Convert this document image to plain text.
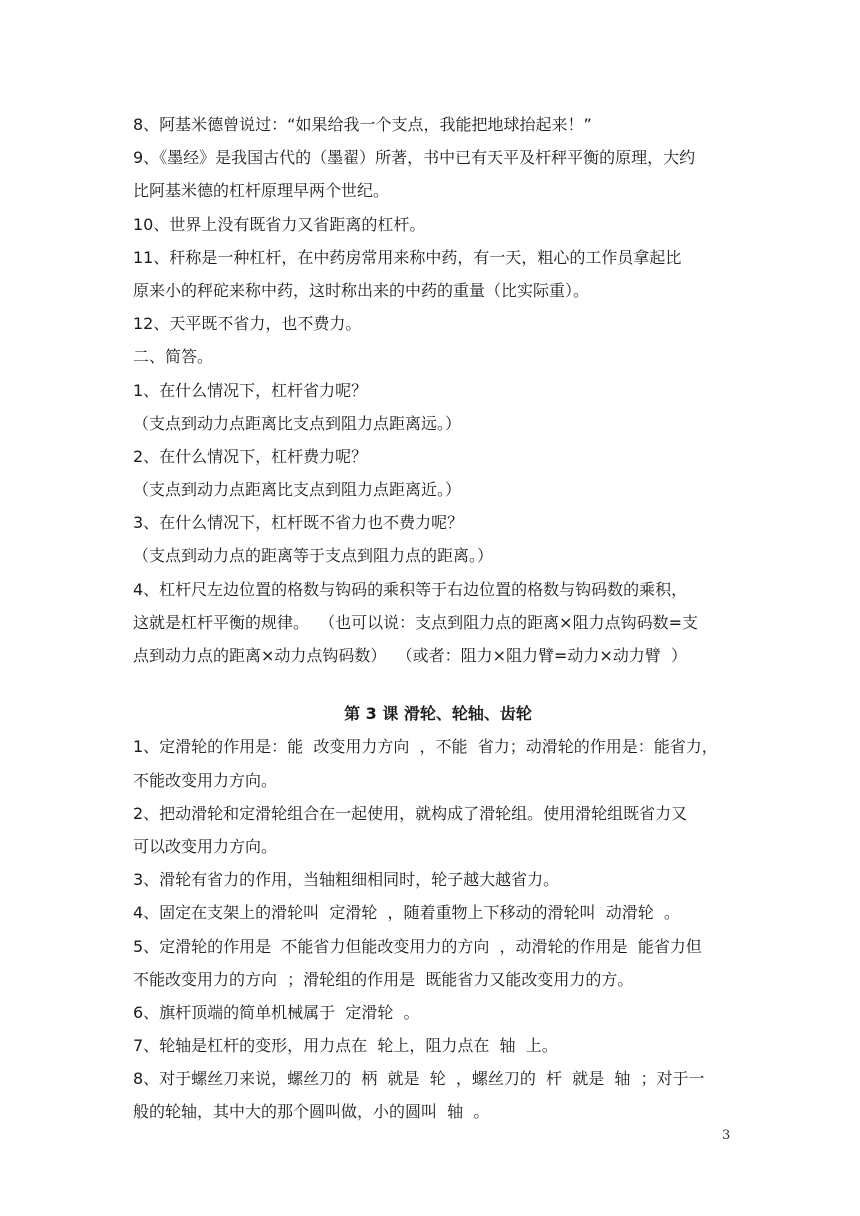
8、阿基米德曾说过：“如果给我一个支点，我能把地球抬起来！”
9、《墨经》是我国古代的（墨翟）所著，书中已有天平及杆秤平衡的原理，大约
比阿基米德的杠杆原理早两个世纪。
10、世界上没有既省力又省距离的杠杆。
11、秆称是一种杠杆，在中药房常用来称中药，有一天，粗心的工作员拿起比
原来小的秤砣来称中药，这时称出来的中药的重量（比实际重）。
12、天平既不省力，也不费力。
二、简答。
1、在什么情况下，杠杆省力呢？
（支点到动力点距离比支点到阻力点距离远。）
2、在什么情况下，杠杆费力呢？
（支点到动力点距离比支点到阻力点距离近。）
3、在什么情况下，杠杆既不省力也不费力呢？
（支点到动力点的距离等于支点到阻力点的距离。）
4、杠杆尺左边位置的格数与钩码的乘积等于右边位置的格数与钩码数的乘积，
这就是杠杆平衡的规律。  （也可以说：支点到阻力点的距离×阻力点钩码数=支
点到动力点的距离×动力点钩码数）  （或者：阻力×阻力臂=动力×动力臂  ）
第 3 课 滑轮、轮轴、齿轮
1、定滑轮的作用是：能  改变用力方向  ，不能  省力；动滑轮的作用是：能省力，
不能改变用力方向。
2、把动滑轮和定滑轮组合在一起使用，就构成了滑轮组。使用滑轮组既省力又
可以改变用力方向。
3、滑轮有省力的作用，当轴粗细相同时，轮子越大越省力。
4、固定在支架上的滑轮叫  定滑轮  ，随着重物上下移动的滑轮叫  动滑轮  。
5、定滑轮的作用是  不能省力但能改变用力的方向  ，动滑轮的作用是  能省力但
不能改变用力的方向  ；滑轮组的作用是  既能省力又能改变用力的方。
6、旗杆顶端的简单机械属于  定滑轮  。
7、轮轴是杠杆的变形，用力点在  轮上，阻力点在  轴  上。
8、对于螺丝刀来说，螺丝刀的  柄  就是  轮  ，螺丝刀的  杆  就是  轴  ；对于一
般的轮轴，其中大的那个圆叫做，小的圆叫  轴  。
3
